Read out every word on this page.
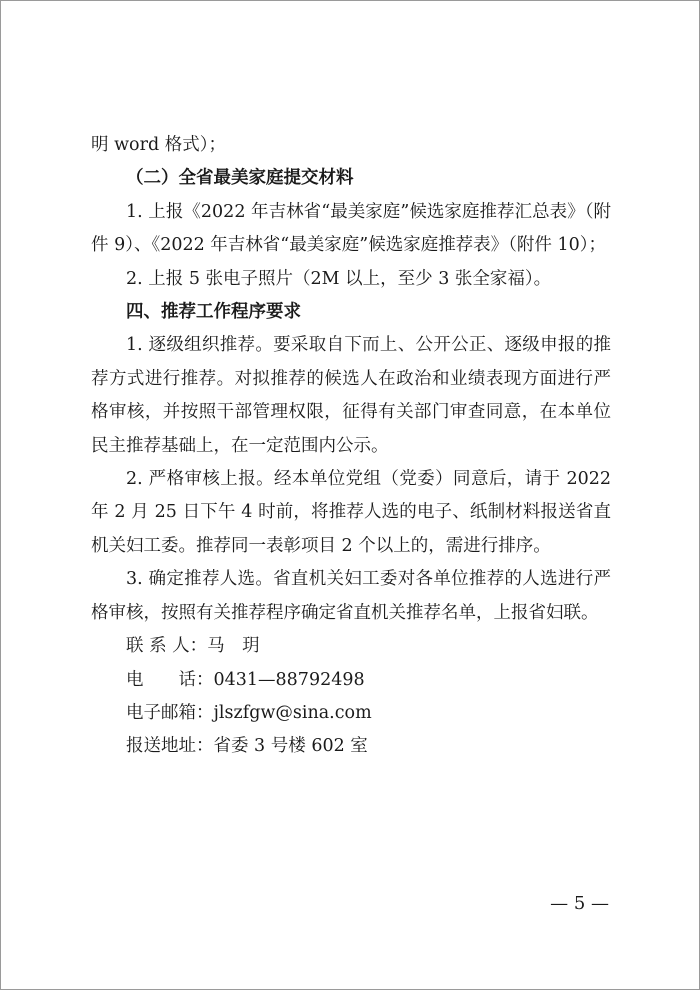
明 word 格式）；

（二）全省最美家庭提交材料

1. 上报《2022 年吉林省“最美家庭”候选家庭推荐汇总表》（附件 9）、《2022 年吉林省“最美家庭”候选家庭推荐表》（附件 10）；

2. 上报 5 张电子照片（2M 以上，至少 3 张全家福）。

四、推荐工作程序要求

1. 逐级组织推荐。要采取自下而上、公开公正、逐级申报的推荐方式进行推荐。对拟推荐的候选人在政治和业绩表现方面进行严格审核，并按照干部管理权限，征得有关部门审查同意，在本单位民主推荐基础上，在一定范围内公示。

2. 严格审核上报。经本单位党组（党委）同意后，请于 2022 年 2 月 25 日下午 4 时前，将推荐人选的电子、纸制材料报送省直机关妇工委。推荐同一表彰项目 2 个以上的，需进行排序。

3. 确定推荐人选。省直机关妇工委对各单位推荐的人选进行严格审核，按照有关推荐程序确定省直机关推荐名单，上报省妇联。

联 系 人：马　玥

电　　话：0431—88792498

电子邮箱：jlszfgw@sina.com

报送地址：省委 3 号楼 602 室

— 5 —
